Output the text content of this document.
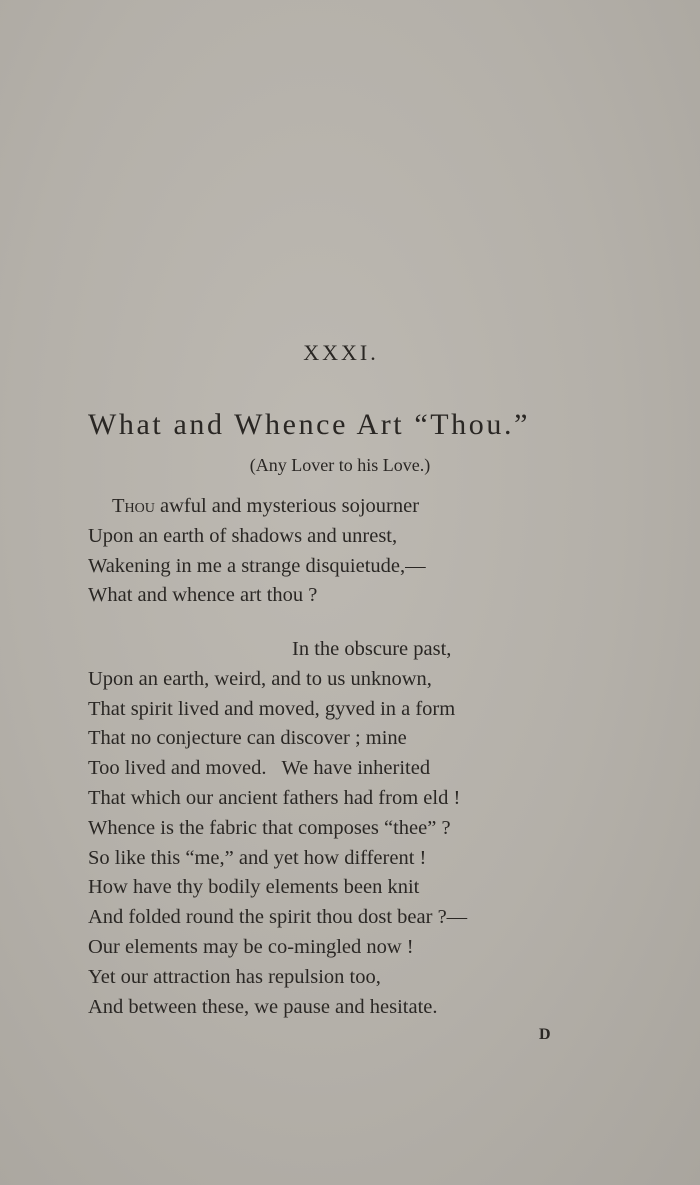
XXXI.
What and Whence Art “Thou.”
(Any Lover to his Love.)
Thou awful and mysterious sojourner
Upon an earth of shadows and unrest,
Wakening in me a strange disquietude,—
What and whence art thou ?
In the obscure past,
Upon an earth, weird, and to us unknown,
That spirit lived and moved, gyved in a form
That no conjecture can discover ; mine
Too lived and moved.   We have inherited
That which our ancient fathers had from eld !
Whence is the fabric that composes “thee” ?
So like this “me,” and yet how different !
How have thy bodily elements been knit
And folded round the spirit thou dost bear ?—
Our elements may be co-mingled now !
Yet our attraction has repulsion too,
And between these, we pause and hesitate.
D
